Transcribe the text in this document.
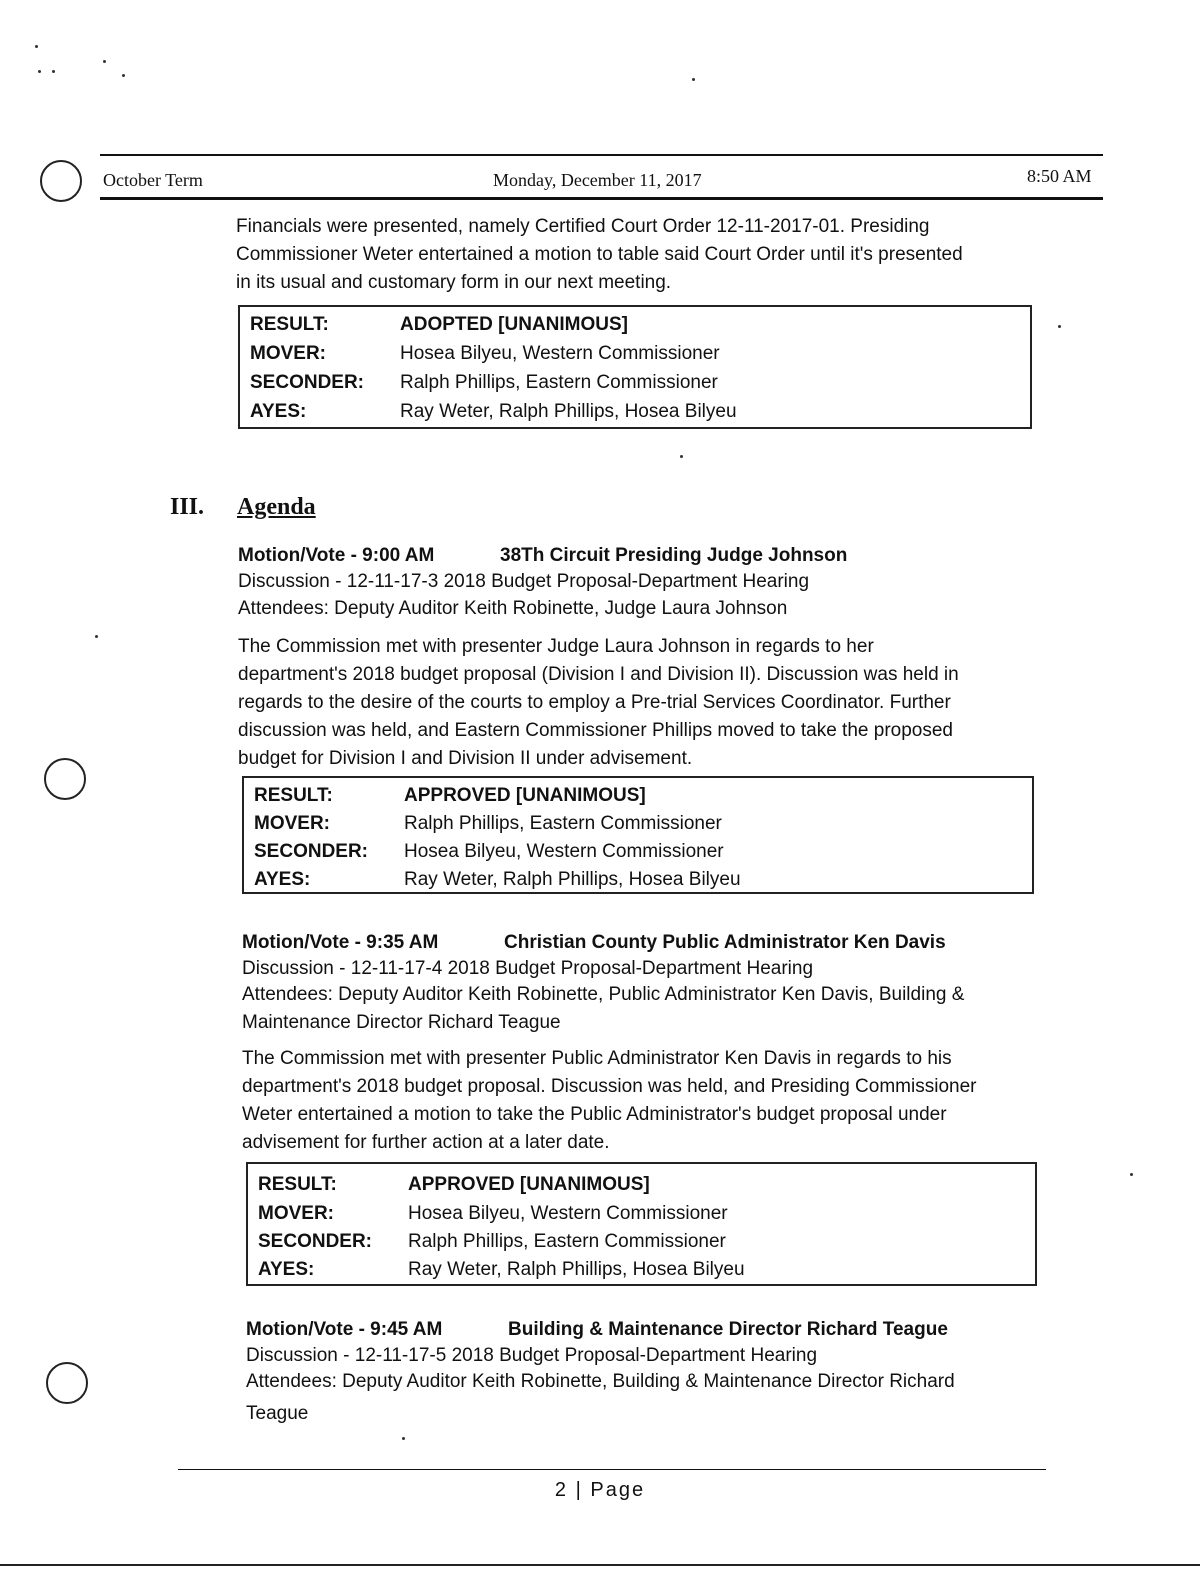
October Term	Monday, December 11, 2017	8:50 AM

Financials were presented, namely Certified Court Order 12-11-2017-01. Presiding

Commissioner Weter entertained a motion to table said Court Order until it's presented

in its usual and customary form in our next meeting.

RESULT:	ADOPTED [UNANIMOUS]
MOVER:	Hosea Bilyeu, Western Commissioner
SECONDER: Ralph Phillips, Eastern Commissioner
AYES:	Ray Weter, Ralph Phillips, Hosea Bilyeu
III. Agenda
Motion/Vote - 9:00 AM	38Th Circuit Presiding Judge Johnson
Discussion - 12-11-17-3 2018 Budget Proposal-Department Hearing
Attendees: Deputy Auditor Keith Robinette, Judge Laura Johnson

The Commission met with presenter Judge Laura Johnson in regards to her

department's 2018 budget proposal (Division I and Division II). Discussion was held in

regards to the desire of the courts to employ a Pre-trial Services Coordinator. Further

discussion was held, and Eastern Commissioner Phillips moved to take the proposed

budget for Division I and Division II under advisement.

RESULT:	APPROVED [UNANIMOUS]
MOVER:	Ralph Phillips, Eastern Commissioner
SECONDER: Hosea Bilyeu, Western Commissioner
AYES:	Ray Weter, Ralph Phillips, Hosea Bilyeu
Motion/Vote - 9:35 AM	Christian County Public Administrator Ken Davis
Discussion - 12-11-17-4 2018 Budget Proposal-Department Hearing
Attendees: Deputy Auditor Keith Robinette, Public Administrator Ken Davis, Building &
Maintenance Director Richard Teague

The Commission met with presenter Public Administrator Ken Davis in regards to his

department's 2018 budget proposal. Discussion was held, and Presiding Commissioner

Weter entertained a motion to take the Public Administrator's budget proposal under

advisement for further action at a later date.

RESULT:	APPROVED [UNANIMOUS]
MOVER:	Hosea Bilyeu, Western Commissioner
SECONDER: Ralph Phillips, Eastern Commissioner
AYES:	Ray Weter, Ralph Phillips, Hosea Bilyeu
Motion/Vote - 9:45 AM	Building & Maintenance Director Richard Teague
Discussion - 12-11-17-5 2018 Budget Proposal-Department Hearing
Attendees: Deputy Auditor Keith Robinette, Building & Maintenance Director Richard
Teague
2 | Page
